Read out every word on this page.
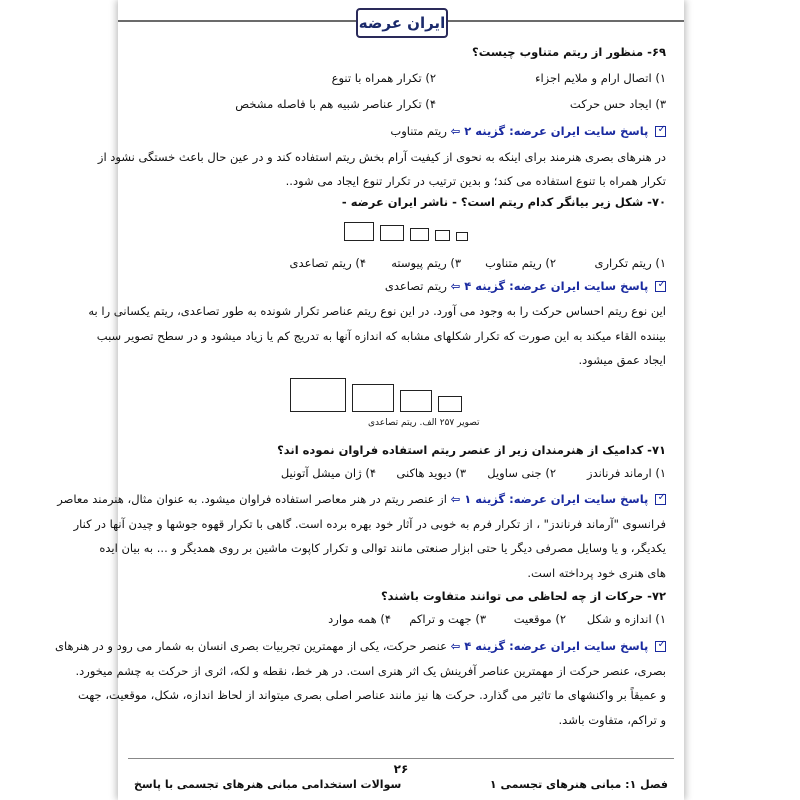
ایران عرضه
۶۹- منظور از ریتم متناوب چیست؟
۱) اتصال ارام و ملایم اجزاء
۲) تکرار همراه با تنوع
۳) ایجاد حس حرکت
۴) تکرار عناصر شبیه هم با فاصله مشخص
✓ پاسخ سایت ایران عرضه: گزینه ۲ ⇦ ریتم متناوب
در هنرهای بصری هنرمند برای اینکه به نحوی از کیفیت آرام بخش ریتم استفاده کند و در عین حال باعث خستگی نشود از
تکرار همراه با تنوع استفاده می کند؛ و بدین ترتیب در تکرار تنوع ایجاد می شود..
۷۰- شکل زیر بیانگر کدام ریتم است؟ - ناشر ایران عرضه -
۱) ریتم تکراری
۲) ریتم متناوب
۳) ریتم پیوسته
۴) ریتم تصاعدی
✓ پاسخ سایت ایران عرضه: گزینه ۴ ⇦ ریتم تصاعدی
این نوع ریتم احساس حرکت را به وجود می آورد. در این نوع ریتم عناصر تکرار شونده به طور تصاعدی، ریتم یکسانی را به
بیننده القاء میکند به این صورت که تکرار شکلهای مشابه که اندازه آنها به تدریج کم یا زیاد میشود و در سطح تصویر سبب
ایجاد عمق میشود.
تصویر ۲۵۷ الف. ریتم تصاعدی
۷۱- کدامیک از هنرمندان زیر از عنصر ریتم استفاده فراوان نموده اند؟
۱) ارماند فرناندز
۲) جنی ساویل
۳) دیوید هاکنی
۴) ژان میشل آتونیل
✓ پاسخ سایت ایران عرضه: گزینه ۱ ⇦ از عنصر ریتم در هنر معاصر استفاده فراوان میشود. به عنوان مثال، هنرمند معاصر
فرانسوی "آرماند فرناندز" ، از تکرار فرم به خوبی در آثار خود بهره برده است. گاهی با تکرار قهوه جوشها و چیدن آنها در کنار
یکدیگر، و یا وسایل مصرفی دیگر یا حتی ابزار صنعتی مانند توالی و تکرار کاپوت ماشین بر روی همدیگر و ... به بیان ایده
های هنری خود پرداخته است.
۷۲- حرکات از چه لحاظی می توانند متفاوت باشند؟
۱) اندازه و شکل
۲) موقعیت
۳) جهت و تراکم
۴) همه موارد
✓ پاسخ سایت ایران عرضه: گزینه ۴ ⇦ عنصر حرکت، یکی از مهمترین تجربیات بصری انسان به شمار می رود و در هنرهای
بصری، عنصر حرکت از مهمترین عناصر آفرینش یک اثر هنری است. در هر خط، نقطه و لکه، اثری از حرکت به چشم میخورد.
و عمیقاً بر واکنشهای ما تاثیر می گذارد. حرکت ها نیز مانند عناصر اصلی بصری میتواند از لحاظ اندازه، شکل، موقعیت، جهت
و تراکم، متفاوت باشد.
۲۶
فصل ۱: مبانی هنرهای تجسمی ۱
سوالات استخدامی مبانی هنرهای تجسمی با پاسخ
